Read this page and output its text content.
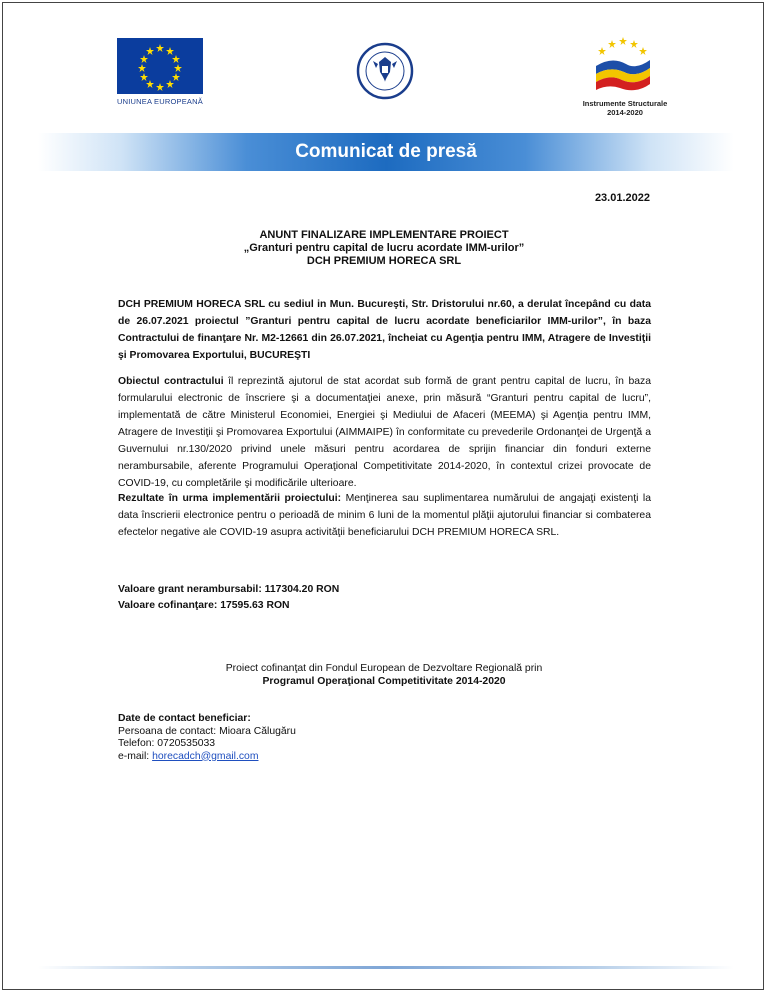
UNIUNEA EUROPEANĂ	Instrumente Structurale
2014-2020
Comunicat de presă
23.01.2022
ANUNT FINALIZARE IMPLEMENTARE PROIECT
„Granturi pentru capital de lucru acordate IMM-urilor”
DCH PREMIUM HORECA SRL
DCH PREMIUM HORECA SRL cu sediul in Mun. Bucureşti, Str. Dristorului nr.60, a derulat începând cu data de 26.07.2021 proiectul ”Granturi pentru capital de lucru acordate beneficiarilor IMM-urilor”, în baza Contractului de finanţare Nr. M2-12661 din 26.07.2021, încheiat cu Agenţia pentru IMM, Atragere de Investiţii şi Promovarea Exportului, BUCUREŞTI
Obiectul contractului îl reprezintă ajutorul de stat acordat sub formă de grant pentru capital de lucru, în baza formularului electronic de înscriere şi a documentaţiei anexe, prin măsură “Granturi pentru capital de lucru”, implementată de către Ministerul Economiei, Energiei şi Mediului de Afaceri (MEEMA) şi Agenţia pentru IMM, Atragere de Investiţii şi Promovarea Exportului (AIMMAIPE) în conformitate cu prevederile Ordonanţei de Urgenţă a Guvernului nr.130/2020 privind unele măsuri pentru acordarea de sprijin financiar din fonduri externe nerambursabile, aferente Programului Operaţional Competitivitate 2014-2020, în contextul crizei provocate de COVID-19, cu completările şi modificările ulterioare.
Rezultate în urma implementării proiectului: Menţinerea sau suplimentarea numărului de angajaţi existenţi la data înscrierii electronice pentru o perioadă de minim 6 luni de la momentul plăţii ajutorului financiar si combaterea efectelor negative ale COVID-19 asupra activităţii beneficiarului DCH PREMIUM HORECA SRL.
Valoare grant nerambursabil: 117304.20 RON
Valoare cofinanţare: 17595.63 RON
Proiect cofinanţat din Fondul European de Dezvoltare Regională prin
Programul Operaţional Competitivitate 2014-2020
Date de contact beneficiar:
Persoana de contact: Mioara Călugăru
Telefon: 0720535033
e-mail: horecadch@gmail.com
